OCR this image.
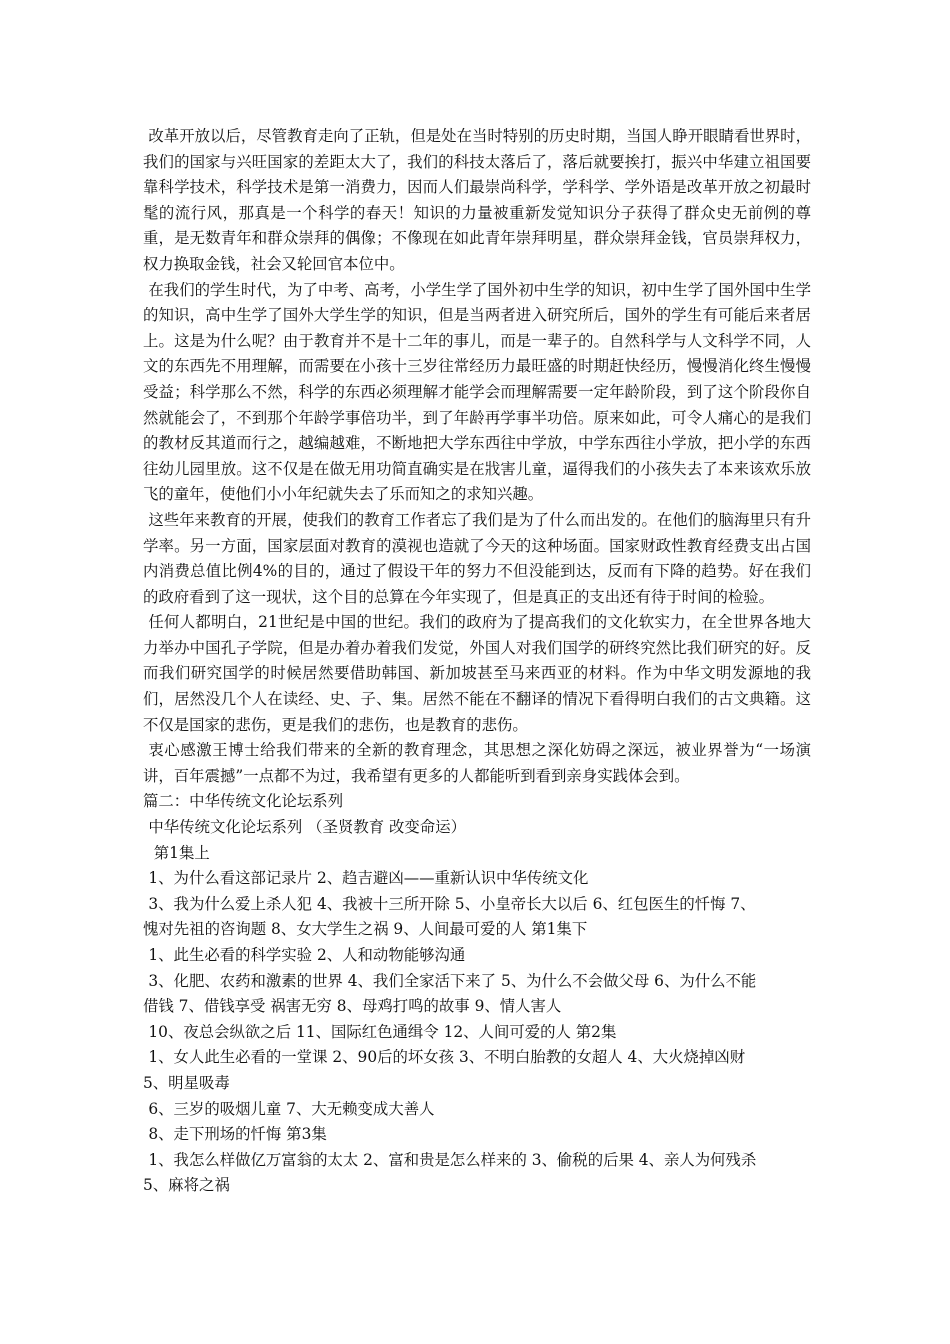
改革开放以后，尽管教育走向了正轨，但是处在当时特别的历史时期，当国人睁开眼睛看世界时，我们的国家与兴旺国家的差距太大了，我们的科技太落后了，落后就要挨打，振兴中华建立祖国要靠科学技术，科学技术是第一消费力，因而人们最崇尚科学，学科学、学外语是改革开放之初最时髦的流行风，那真是一个科学的春天！知识的力量被重新发觉知识分子获得了群众史无前例的尊重，是无数青年和群众崇拜的偶像；不像现在如此青年崇拜明星，群众崇拜金钱，官员崇拜权力，权力换取金钱，社会又轮回官本位中。

在我们的学生时代，为了中考、高考，小学生学了国外初中生学的知识，初中生学了国外国中生学的知识，高中生学了国外大学生学的知识，但是当两者进入研究所后，国外的学生有可能后来者居上。这是为什么呢？由于教育并不是十二年的事儿，而是一辈子的。自然科学与人文科学不同，人文的东西先不用理解，而需要在小孩十三岁往常经历力最旺盛的时期赶快经历，慢慢消化终生慢慢受益；科学那么不然，科学的东西必须理解才能学会而理解需要一定年龄阶段，到了这个阶段你自然就能会了，不到那个年龄学事倍功半，到了年龄再学事半功倍。原来如此，可令人痛心的是我们的教材反其道而行之，越编越难，不断地把大学东西往中学放，中学东西往小学放，把小学的东西往幼儿园里放。这不仅是在做无用功简直确实是在戕害儿童，逼得我们的小孩失去了本来该欢乐放飞的童年，使他们小小年纪就失去了乐而知之的求知兴趣。

这些年来教育的开展，使我们的教育工作者忘了我们是为了什么而出发的。在他们的脑海里只有升学率。另一方面，国家层面对教育的漠视也造就了今天的这种场面。国家财政性教育经费支出占国内消费总值比例4%的目的，通过了假设干年的努力不但没能到达，反而有下降的趋势。好在我们的政府看到了这一现状，这个目的总算在今年实现了，但是真正的支出还有待于时间的检验。

任何人都明白，21世纪是中国的世纪。我们的政府为了提高我们的文化软实力，在全世界各地大力举办中国孔子学院，但是办着办着我们发觉，外国人对我们国学的研终究然比我们研究的好。反而我们研究国学的时候居然要借助韩国、新加坡甚至马来西亚的材料。作为中华文明发源地的我们，居然没几个人在读经、史、子、集。居然不能在不翻译的情况下看得明白我们的古文典籍。这不仅是国家的悲伤，更是我们的悲伤，也是教育的悲伤。

衷心感激王博士给我们带来的全新的教育理念，其思想之深化妨碍之深远，被业界誉为“一场演讲，百年震撼”一点都不为过，我希望有更多的人都能听到看到亲身实践体会到。

篇二：中华传统文化论坛系列
中华传统文化论坛系列 （圣贤教育 改变命运）
第1集上
1、为什么看这部记录片 2、趋吉避凶——重新认识中华传统文化
3、我为什么爱上杀人犯 4、我被十三所开除 5、小皇帝长大以后 6、红包医生的忏悔 7、
愧对先祖的咨询题 8、女大学生之祸 9、人间最可爱的人 第1集下
1、此生必看的科学实验 2、人和动物能够沟通
3、化肥、农药和激素的世界 4、我们全家活下来了 5、为什么不会做父母 6、为什么不能
借钱 7、借钱享受 祸害无穷 8、母鸡打鸣的故事 9、情人害人
10、夜总会纵欲之后 11、国际红色通缉令 12、人间可爱的人 第2集
1、女人此生必看的一堂课 2、90后的坏女孩 3、不明白胎教的女超人 4、大火烧掉凶财
5、明星吸毒
6、三岁的吸烟儿童 7、大无赖变成大善人
8、走下刑场的忏悔 第3集
1、我怎么样做亿万富翁的太太 2、富和贵是怎么样来的 3、偷税的后果 4、亲人为何残杀
5、麻将之祸
